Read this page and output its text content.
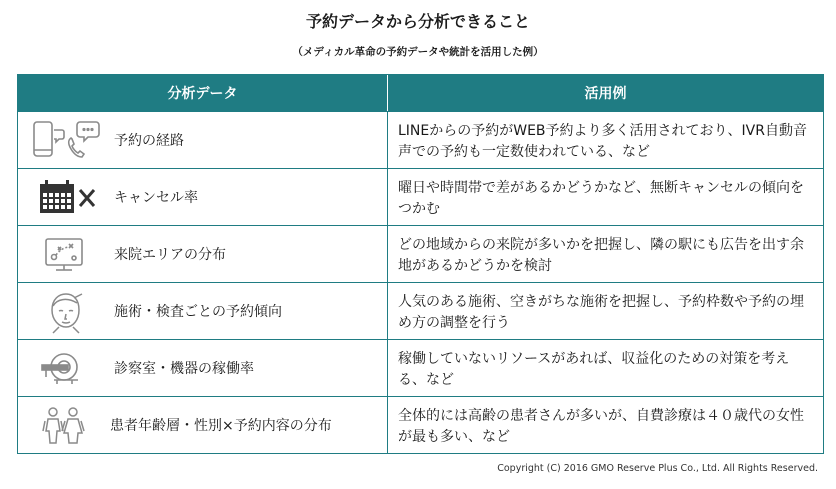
予約データから分析できること
（メディカル革命の予約データや統計を活用した例）
分析データ	活用例
予約の経路
LINEからの予約がWEB予約より多く活用されており、IVR自動音声での予約も一定数使われている、など
キャンセル率
曜日や時間帯で差があるかどうかなど、無断キャンセルの傾向をつかむ
来院エリアの分布
どの地域からの来院が多いかを把握し、隣の駅にも広告を出す余地があるかどうかを検討
施術・検査ごとの予約傾向
人気のある施術、空きがちな施術を把握し、予約枠数や予約の埋め方の調整を行う
診察室・機器の稼働率
稼働していないリソースがあれば、収益化のための対策を考える、など
患者年齢層・性別×予約内容の分布
全体的には高齢の患者さんが多いが、自費診療は４０歳代の女性が最も多い、など
Copyright (C) 2016 GMO Reserve Plus Co., Ltd. All Rights Reserved.
